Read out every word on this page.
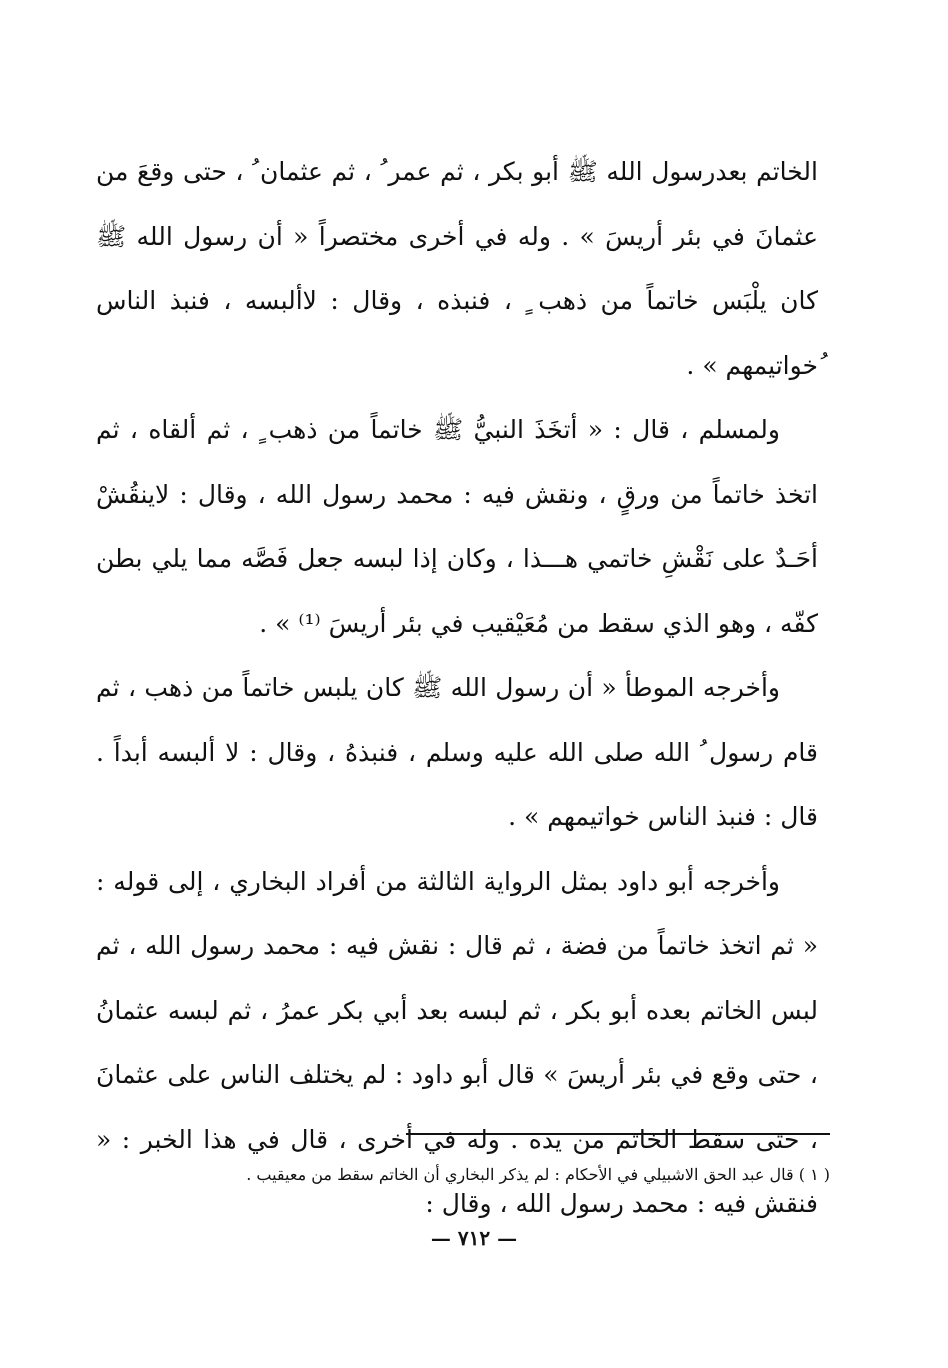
الخاتم بعدرسول الله ﷺ أبو بكر ، ثم عمر ُ ، ثم عثمان ُ ، حتى وقعَ من عثمانَ في بئر أريسَ » . وله في أخرى مختصراً « أن رسول الله ﷺ كان يلْبَس خاتماً من ذهب ٍ ، فنبذه ، وقال : لاألبسه ، فنبذ الناس ُخواتيمهم » .

ولمسلم ، قال : « أتخَذَ النبيُّ ﷺ خاتماً من ذهب ٍ ، ثم ألقاه ، ثم اتخذ خاتماً من ورقٍ ، ونقش فيه : محمد رسول الله ، وقال : لاينقُشْ أحَـدٌ على نَقْشِ خاتمي هـــذا ، وكان إذا لبسه جعل فَصَّه مما يلي بطن كفّه ، وهو الذي سقط من مُعَيْقيب في بئر أريسَ ⁽¹⁾ » .

وأخرجه الموطأ « أن رسول الله ﷺ كان يلبس خاتماً من ذهب ، ثم قام رسول ُ الله صلى الله عليه وسلم ، فنبذهُ ، وقال : لا ألبسه أبداً . قال : فنبذ الناس خواتيمهم » .

وأخرجه أبو داود بمثل الرواية الثالثة من أفراد البخاري ، إلى قوله : « ثم اتخذ خاتماً من فضة ، ثم قال : نقش فيه : محمد رسول الله ، ثم لبس الخاتم بعده أبو بكر ، ثم لبسه بعد أبي بكر عمرُ ، ثم لبسه عثمانُ ، حتى وقع في بئر أريسَ » قال أبو داود : لم يختلف الناس على عثمانَ ، حتى سقط الخاتم من يده . وله في أخرى ، قال في هذا الخبر : « فنقش فيه : محمد رسول الله ، وقال :

( ١ ) قال عبد الحق الاشبيلي في الأحكام : لم يذكر البخاري أن الخاتم سقط من معيقيب .
— ٧١٢ —
